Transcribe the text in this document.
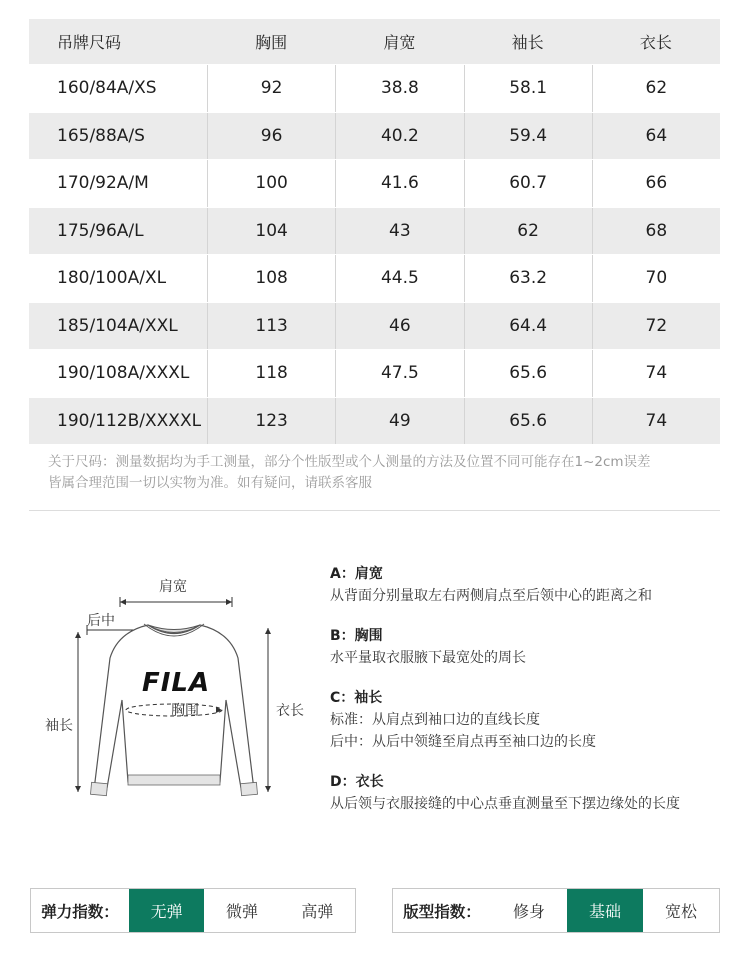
吊牌尺码	胸围	肩宽	袖长	衣长
160/84A/XS	92	38.8	58.1	62
165/88A/S	96	40.2	59.4	64
170/92A/M	100	41.6	60.7	66
175/96A/L	104	43	62	68
180/100A/XL	108	44.5	63.2	70
185/104A/XXL	113	46	64.4	72
190/108A/XXXL	118	47.5	65.6	74
190/112B/XXXXL	123	49	65.6	74
关于尺码：测量数据均为手工测量，部分个性版型或个人测量的方法及位置不同可能存在1~2cm误差
皆属合理范围一切以实物为准。如有疑问，请联系客服
肩宽
后中
袖长
衣长
胸围
FILA
A：肩宽
从背面分别量取左右两侧肩点至后领中心的距离之和
B：胸围
水平量取衣服腋下最宽处的周长
C：袖长
标准：从肩点到袖口边的直线长度
后中：从后中领缝至肩点再至袖口边的长度
D：衣长
从后领与衣服接缝的中心点垂直测量至下摆边缘处的长度
弹力指数：	无弹	微弹	高弹	版型指数：	修身	基础	宽松
